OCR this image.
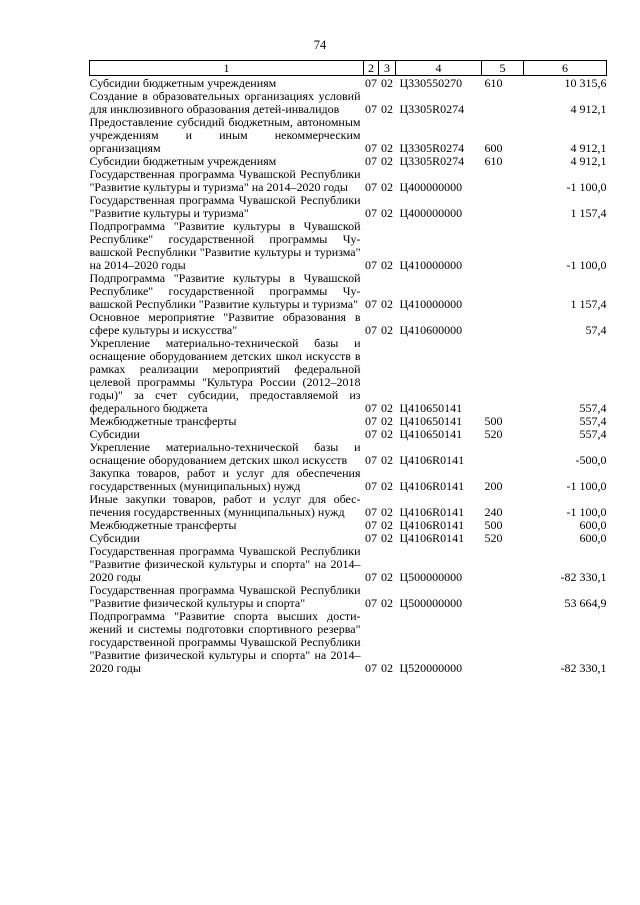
74
1	2	3	4	5	6
Субсидии бюджетным учреждениям	07	02	Ц330550270	610	10 315,6
Создание в образовательных организациях условий для инклюзивного образования детей-инвалидов	07	02	Ц3305R0274		4 912,1
Предоставление субсидий бюджетным, автономным учреждениям и иным некоммерческим организациям	07	02	Ц3305R0274	600	4 912,1
Субсидии бюджетным учреждениям	07	02	Ц3305R0274	610	4 912,1
Государственная программа Чувашской Республики "Развитие культуры и туризма" на 2014–2020 годы	07	02	Ц400000000		-1 100,0
Государственная программа Чувашской Республики "Развитие культуры и туризма"	07	02	Ц400000000		1 157,4
Подпрограмма "Развитие культуры в Чувашской Республике" государственной программы Чувашской Республики "Развитие культуры и туризма" на 2014–2020 годы	07	02	Ц410000000		-1 100,0
Подпрограмма "Развитие культуры в Чувашской Республике" государственной программы Чувашской Республики "Развитие культуры и туризма"	07	02	Ц410000000		1 157,4
Основное мероприятие "Развитие образования в сфере культуры и искусства"	07	02	Ц410600000		57,4
Укрепление материально-технической базы и оснащение оборудованием детских школ искусств в рамках реализации мероприятий федеральной целевой программы "Культура России (2012–2018 годы)" за счет субсидии, предоставляемой из федерального бюджета	07	02	Ц410650141		557,4
Межбюджетные трансферты	07	02	Ц410650141	500	557,4
Субсидии	07	02	Ц410650141	520	557,4
Укрепление материально-технической базы и оснащение оборудованием детских школ искусств	07	02	Ц4106R0141		-500,0
Закупка товаров, работ и услуг для обеспечения государственных (муниципальных) нужд	07	02	Ц4106R0141	200	-1 100,0
Иные закупки товаров, работ и услуг для обеспечения государственных (муниципальных) нужд	07	02	Ц4106R0141	240	-1 100,0
Межбюджетные трансферты	07	02	Ц4106R0141	500	600,0
Субсидии	07	02	Ц4106R0141	520	600,0
Государственная программа Чувашской Республики "Развитие физической культуры и спорта" на 2014–2020 годы	07	02	Ц500000000		-82 330,1
Государственная программа Чувашской Республики "Развитие физической культуры и спорта"	07	02	Ц500000000		53 664,9
Подпрограмма "Развитие спорта высших достижений и системы подготовки спортивного резерва" государственной программы Чувашской Республики "Развитие физической культуры и спорта" на 2014–2020 годы	07	02	Ц520000000		-82 330,1
